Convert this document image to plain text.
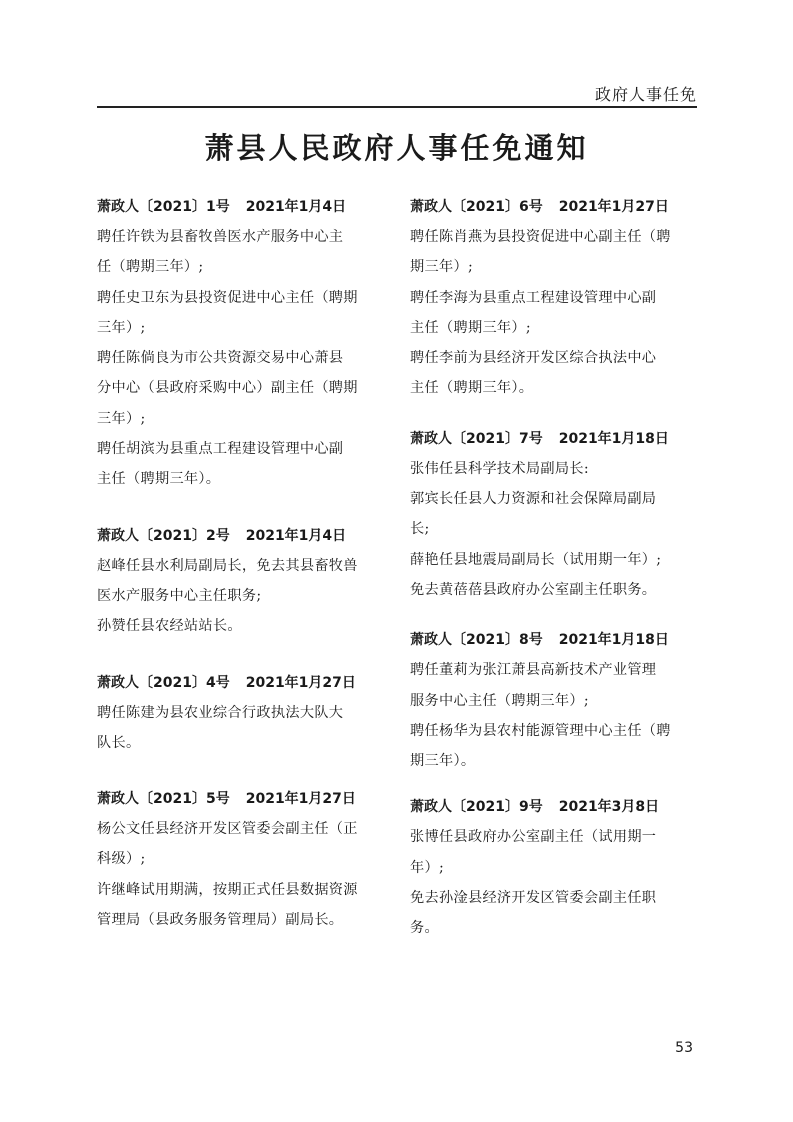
政府人事任免
萧县人民政府人事任免通知
萧政人〔2021〕1号 2021年1月4日
聘任许铁为县畜牧兽医水产服务中心主
任（聘期三年）;
聘任史卫东为县投资促进中心主任（聘期
三年）;
聘任陈倘良为市公共资源交易中心萧县
分中心（县政府采购中心）副主任（聘期
三年）;
聘任胡滨为县重点工程建设管理中心副
主任（聘期三年）。
萧政人〔2021〕2号 2021年1月4日
赵峰任县水利局副局长，免去其县畜牧兽
医水产服务中心主任职务;
孙赞任县农经站站长。
萧政人〔2021〕4号 2021年1月27日
聘任陈建为县农业综合行政执法大队大
队长。
萧政人〔2021〕5号 2021年1月27日
杨公文任县经济开发区管委会副主任（正
科级）;
许继峰试用期满，按期正式任县数据资源
管理局（县政务服务管理局）副局长。
萧政人〔2021〕6号 2021年1月27日
聘任陈肖燕为县投资促进中心副主任（聘
期三年）;
聘任李海为县重点工程建设管理中心副
主任（聘期三年）;
聘任李前为县经济开发区综合执法中心
主任（聘期三年）。
萧政人〔2021〕7号 2021年1月18日
张伟任县科学技术局副局长:
郭宾长任县人力资源和社会保障局副局
长;
薛艳任县地震局副局长（试用期一年）;
免去黄蓓蓓县政府办公室副主任职务。
萧政人〔2021〕8号 2021年1月18日
聘任董莉为张江萧县高新技术产业管理
服务中心主任（聘期三年）;
聘任杨华为县农村能源管理中心主任（聘
期三年）。
萧政人〔2021〕9号 2021年3月8日
张博任县政府办公室副主任（试用期一
年）;
免去孙淦县经济开发区管委会副主任职
务。
53
